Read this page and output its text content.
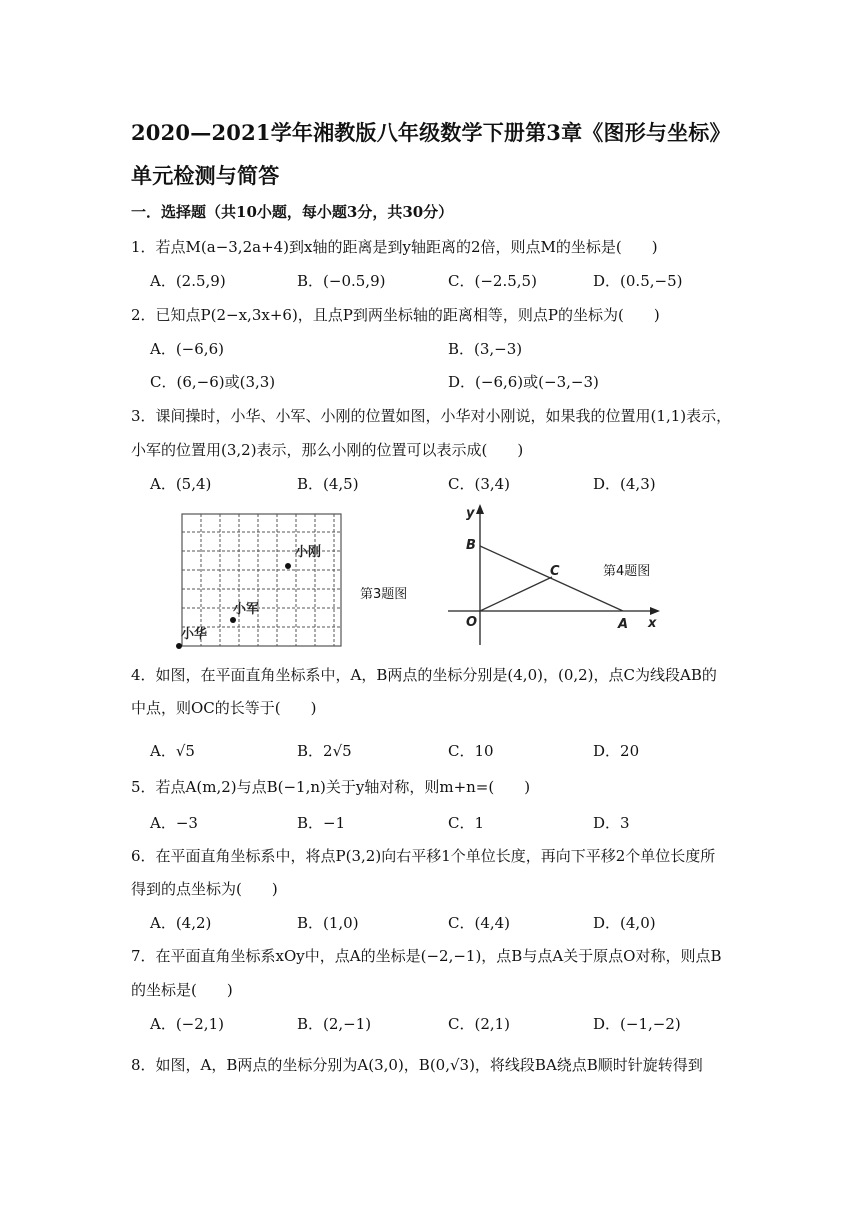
2020—2021学年湘教版八年级数学下册第3章《图形与坐标》
单元检测与简答
一．选择题（共10小题，每小题3分，共30分）
1．若点M(a−3,2a+4)到x轴的距离是到y轴距离的2倍，则点M的坐标是(　　)
A．(2.5,9)	B．(−0.5,9)	C．(−2.5,5)	D．(0.5,−5)
2．已知点P(2−x,3x+6)，且点P到两坐标轴的距离相等，则点P的坐标为(　　)
A．(−6,6)	B．(3,−3)
C．(6,−6)或(3,3)	D．(−6,6)或(−3,−3)
3．课间操时，小华、小军、小刚的位置如图，小华对小刚说，如果我的位置用(1,1)表示，
小军的位置用(3,2)表示，那么小刚的位置可以表示成(　　)
A．(5,4)	B．(4,5)	C．(3,4)	D．(4,3)
小刚
小军
小华
第3题图
y
B
C
O	A x
第4题图
4．如图，在平面直角坐标系中，A，B两点的坐标分别是(4,0)，(0,2)，点C为线段AB的
中点，则OC的长等于(　　)
A．√5	B．2√5	C．10	D．20
5．若点A(m,2)与点B(−1,n)关于y轴对称，则m+n=(　　)
A．−3	B．−1	C．1	D．3
6．在平面直角坐标系中，将点P(3,2)向右平移1个单位长度，再向下平移2个单位长度所
得到的点坐标为(　　)
A．(4,2)	B．(1,0)	C．(4,4)	D．(4,0)
7．在平面直角坐标系xOy中，点A的坐标是(−2,−1)，点B与点A关于原点O对称，则点B
的坐标是(　　)
A．(−2,1)	B．(2,−1)	C．(2,1)	D．(−1,−2)
8．如图，A，B两点的坐标分别为A(3,0)，B(0,√3)，将线段BA绕点B顺时针旋转得到
